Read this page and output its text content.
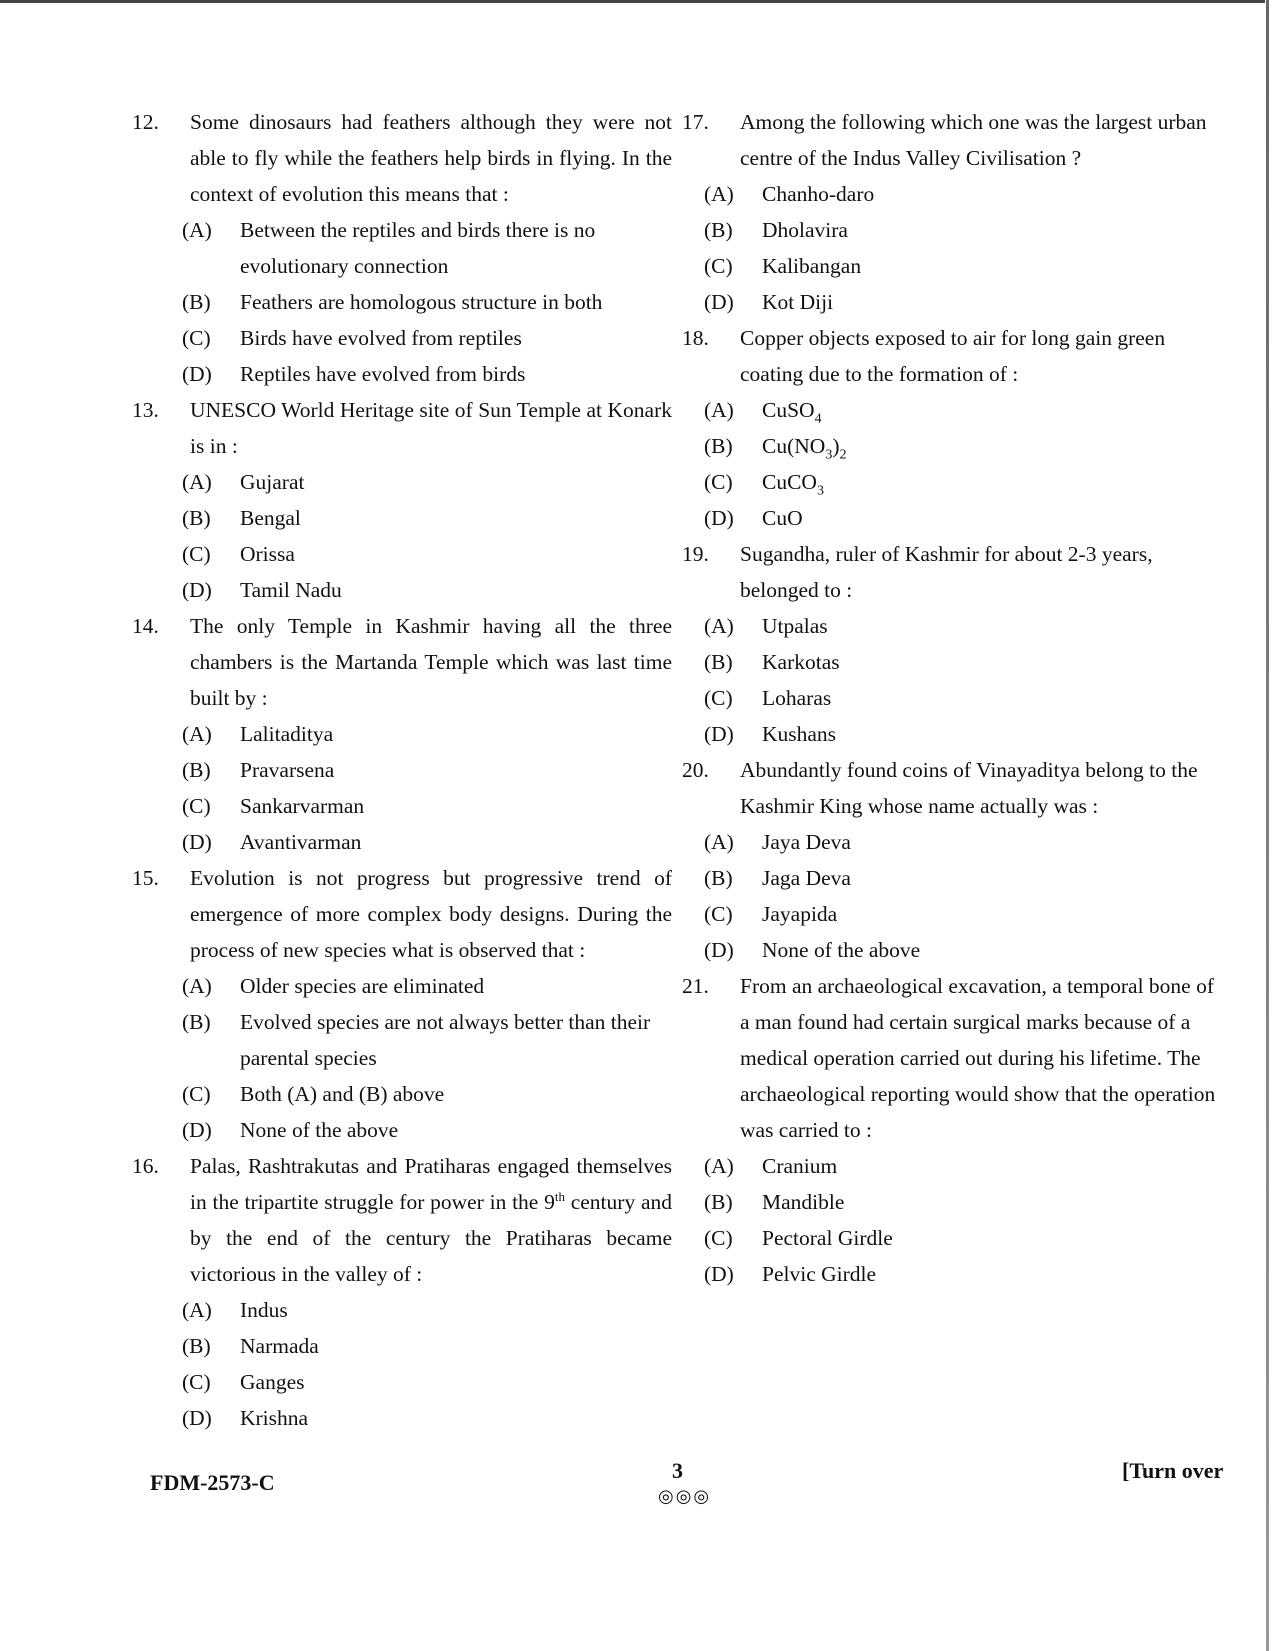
12.	Some dinosaurs had feathers although they were not able to fly while the feathers help birds in flying. In the context of evolution this means that :
(A) Between the reptiles and birds there is no evolutionary connection
(B) Feathers are homologous structure in both
(C) Birds have evolved from reptiles
(D) Reptiles have evolved from birds
13.	UNESCO World Heritage site of Sun Temple at Konark is in :
(A) Gujarat
(B) Bengal
(C) Orissa
(D) Tamil Nadu
14.	The only Temple in Kashmir having all the three chambers is the Martanda Temple which was last time built by :
(A) Lalitaditya
(B) Pravarsena
(C) Sankarvarman
(D) Avantivarman
15.	Evolution is not progress but progressive trend of emergence of more complex body designs. During the process of new species what is observed that :
(A) Older species are eliminated
(B) Evolved species are not always better than their parental species
(C) Both (A) and (B) above
(D) None of the above
16.	Palas, Rashtrakutas and Pratiharas engaged themselves in the tripartite struggle for power in the 9th century and by the end of the century the Pratiharas became victorious in the valley of :
(A) Indus
(B) Narmada
(C) Ganges
(D) Krishna
17.	Among the following which one was the largest urban centre of the Indus Valley Civilisation ?
(A) Chanho-daro
(B) Dholavira
(C) Kalibangan
(D) Kot Diji
18.	Copper objects exposed to air for long gain green coating due to the formation of :
(A) CuSO$_4$
(B) $Cu(NO_3)_2$
(C) CuCO$_3$
(D) CuO
19.	Sugandha, ruler of Kashmir for about 2-3 years, belonged to :
(A) Utpalas
(B) Karkotas
(C) Loharas
(D) Kushans
20.	Abundantly found coins of Vinayaditya belong to the Kashmir King whose name actually was :
(A) Jaya Deva
(B) Jaga Deva
(C) Jayapida
(D) None of the above
21.	From an archaeological excavation, a temporal bone of a man found had certain surgical marks because of a medical operation carried out during his lifetime. The archaeological reporting would show that the operation was carried to :
(A) Cranium
(B) Mandible
(C) Pectoral Girdle
(D) Pelvic Girdle
FDM-2573-C	3
◎◎◎
[Turn over
